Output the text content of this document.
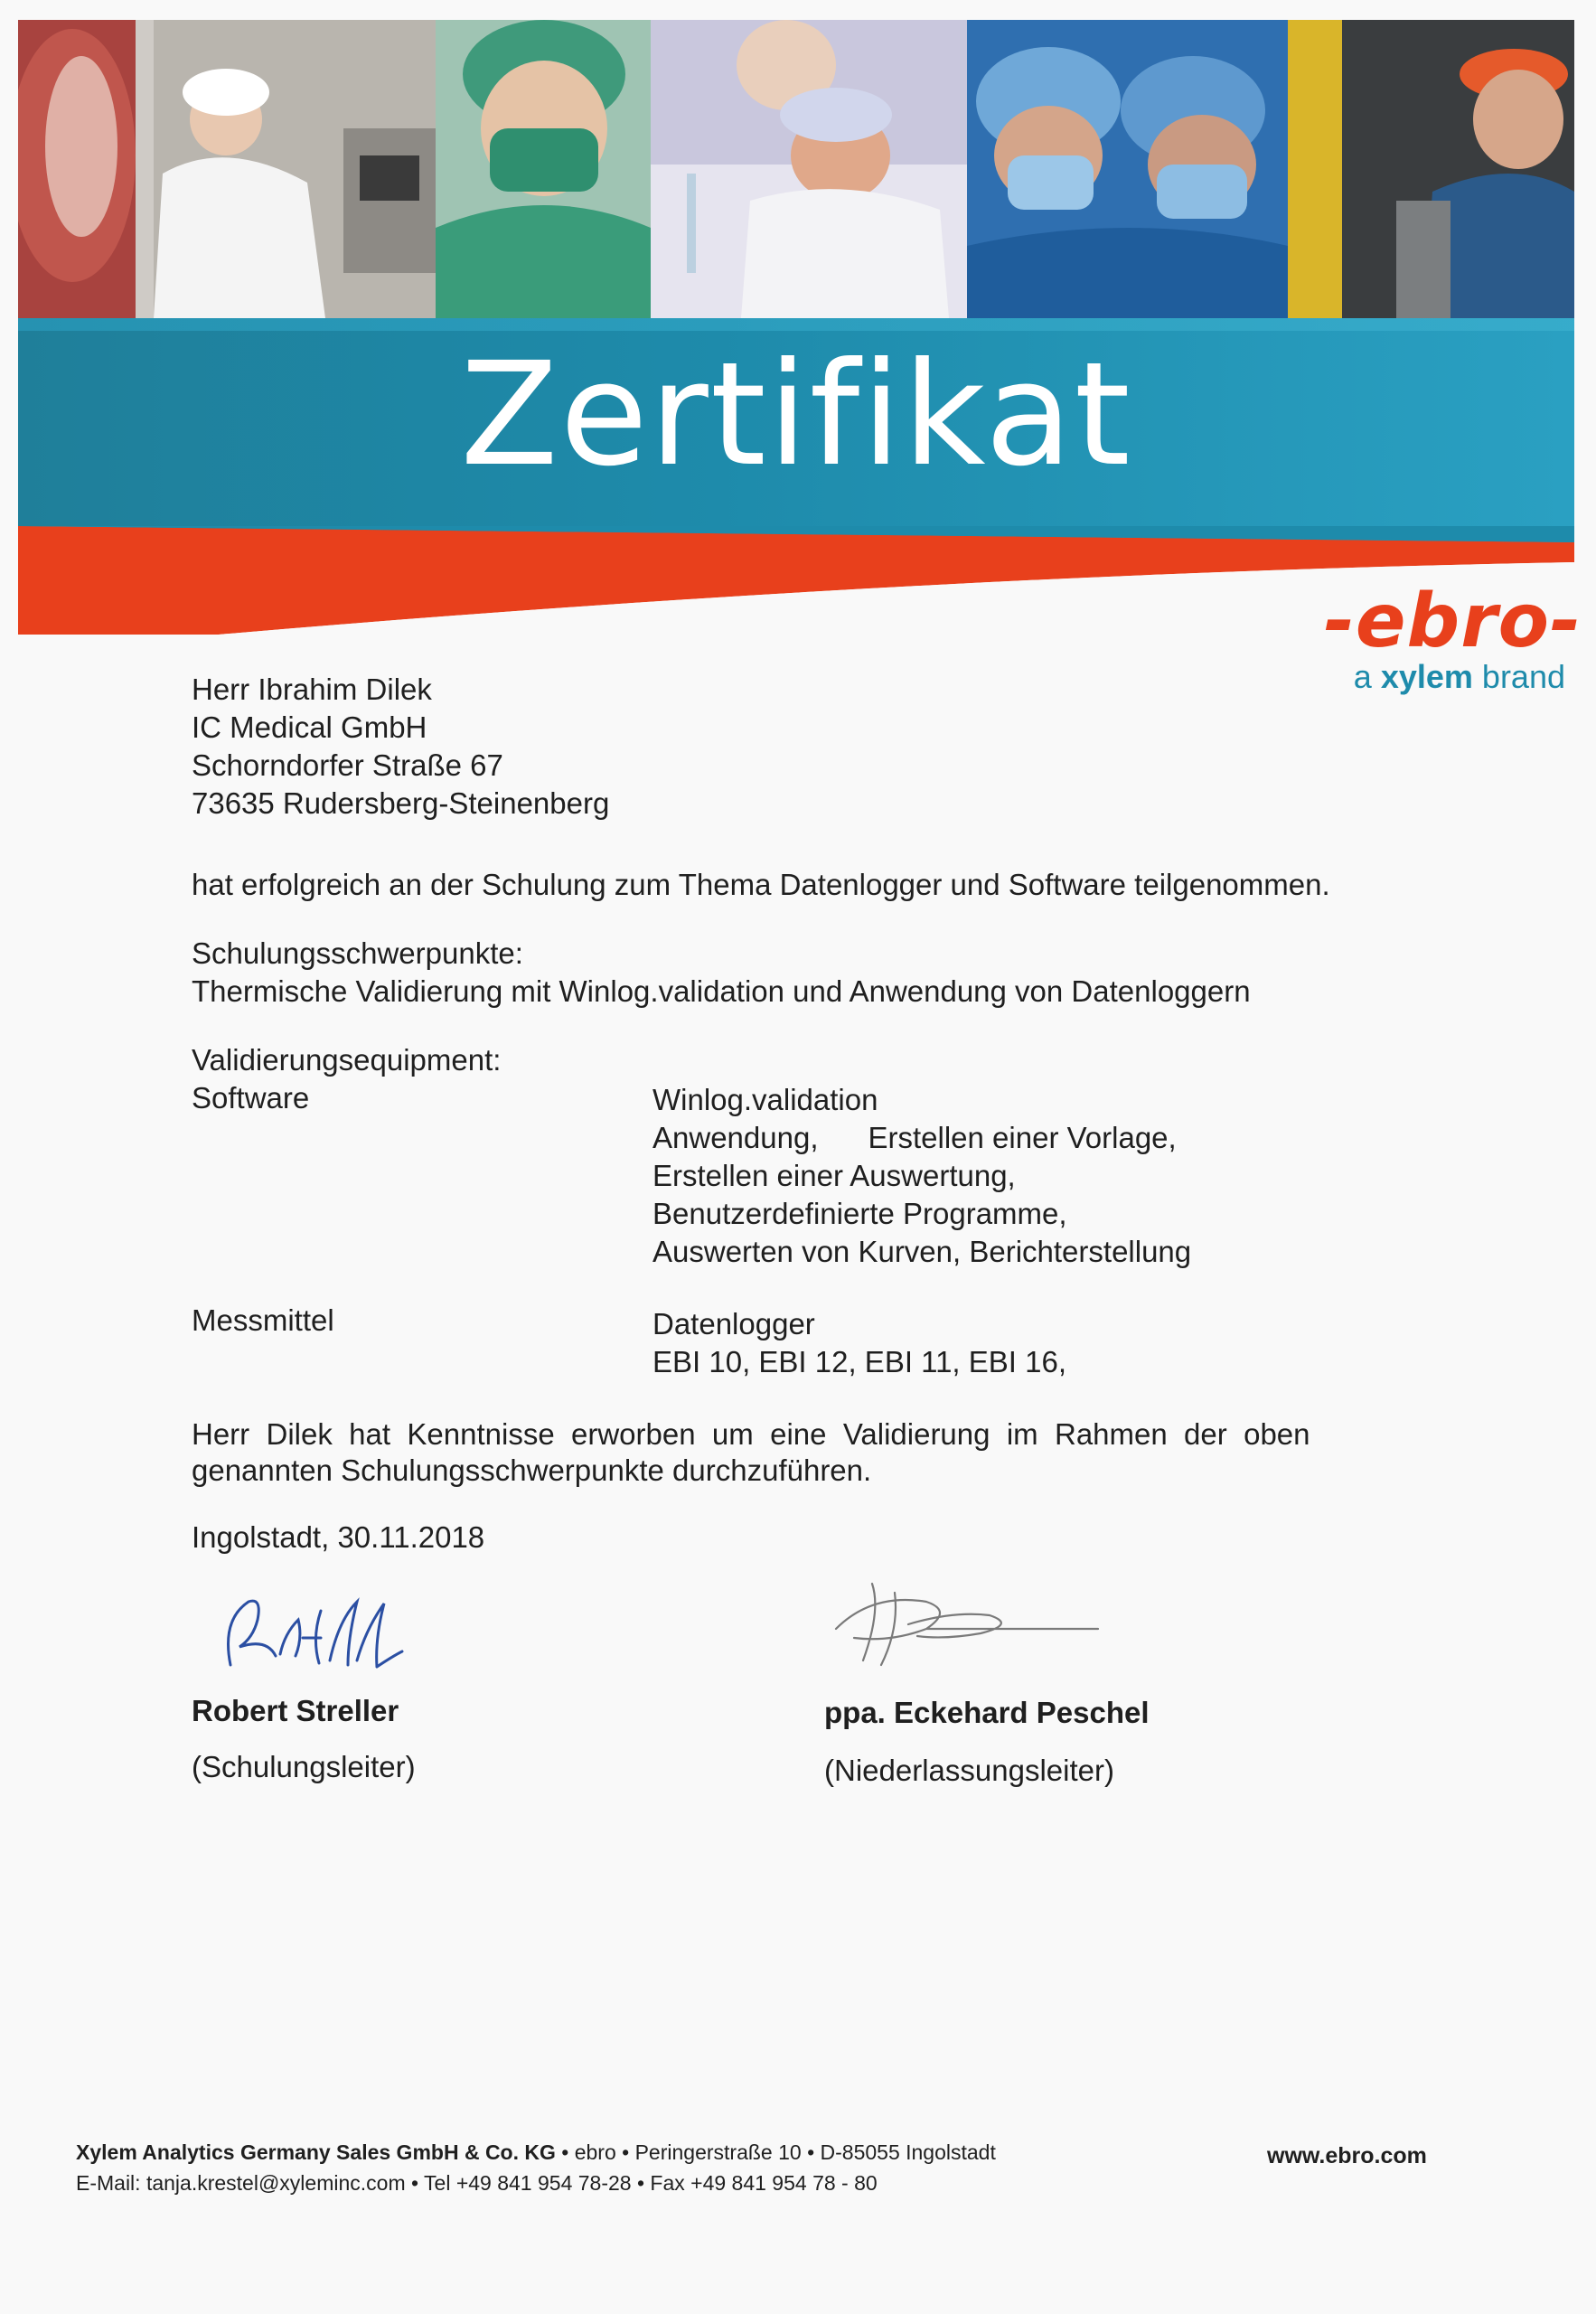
Zertifikat
-ebro-
a xylem brand
Herr Ibrahim Dilek
IC Medical GmbH
Schorndorfer Straße 67
73635 Rudersberg-Steinenberg
hat erfolgreich an der Schulung zum Thema Datenlogger und Software teilgenommen.
Schulungsschwerpunkte:
Thermische Validierung mit Winlog.validation und Anwendung von Datenloggern
Validierungsequipment:
Software	Winlog.validation
Anwendung,      Erstellen einer Vorlage,
Erstellen einer Auswertung,
Benutzerdefinierte Programme,
Auswerten von Kurven, Berichterstellung
Messmittel	Datenlogger
EBI 10, EBI 12, EBI 11, EBI 16,
Herr  Dilek  hat  Kenntnisse  erworben  um  eine  Validierung  im  Rahmen  der  oben
genannten Schulungsschwerpunkte durchzuführen.
Ingolstadt, 30.11.2018
Robert Streller
(Schulungsleiter)
ppa. Eckehard Peschel
(Niederlassungsleiter)
Xylem Analytics Germany Sales GmbH & Co. KG • ebro • Peringerstraße 10 • D-85055 Ingolstadt
E-Mail: tanja.krestel@xyleminc.com • Tel +49 841 954 78-28 • Fax +49 841 954 78 - 80
www.ebro.com
